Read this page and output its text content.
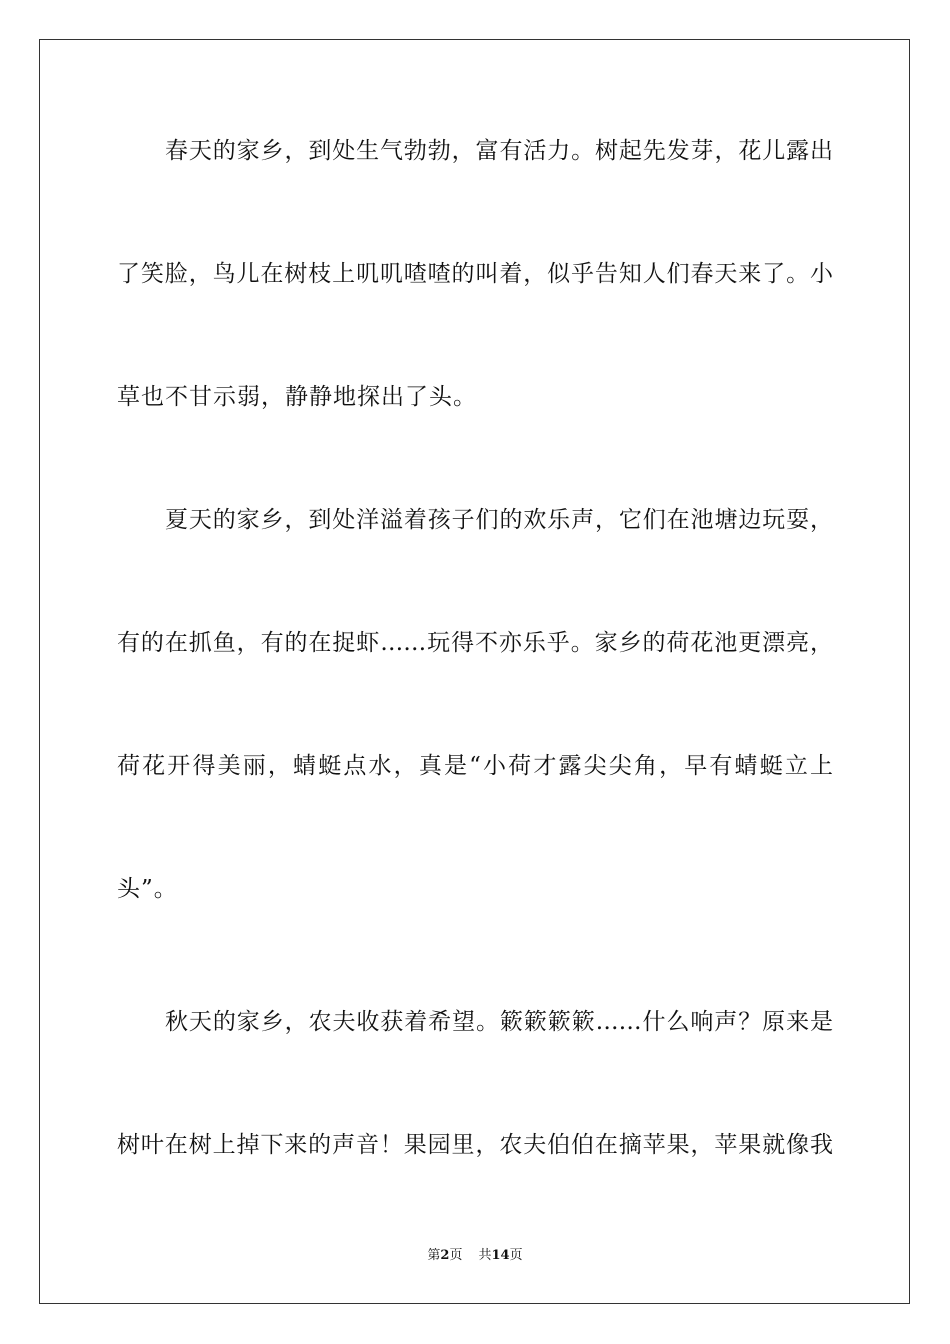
春天的家乡，到处生气勃勃，富有活力。树起先发芽，花儿露出
了笑脸，鸟儿在树枝上叽叽喳喳的叫着，似乎告知人们春天来了。小
草也不甘示弱，静静地探出了头。
夏天的家乡，到处洋溢着孩子们的欢乐声，它们在池塘边玩耍，
有的在抓鱼，有的在捉虾……玩得不亦乐乎。家乡的荷花池更漂亮，
荷花开得美丽，蜻蜓点水，真是“小荷才露尖尖角，早有蜻蜓立上
头”。
秋天的家乡，农夫收获着希望。簌簌簌簌……什么响声？原来是
树叶在树上掉下来的声音！果园里，农夫伯伯在摘苹果，苹果就像我
第2页 共14页
